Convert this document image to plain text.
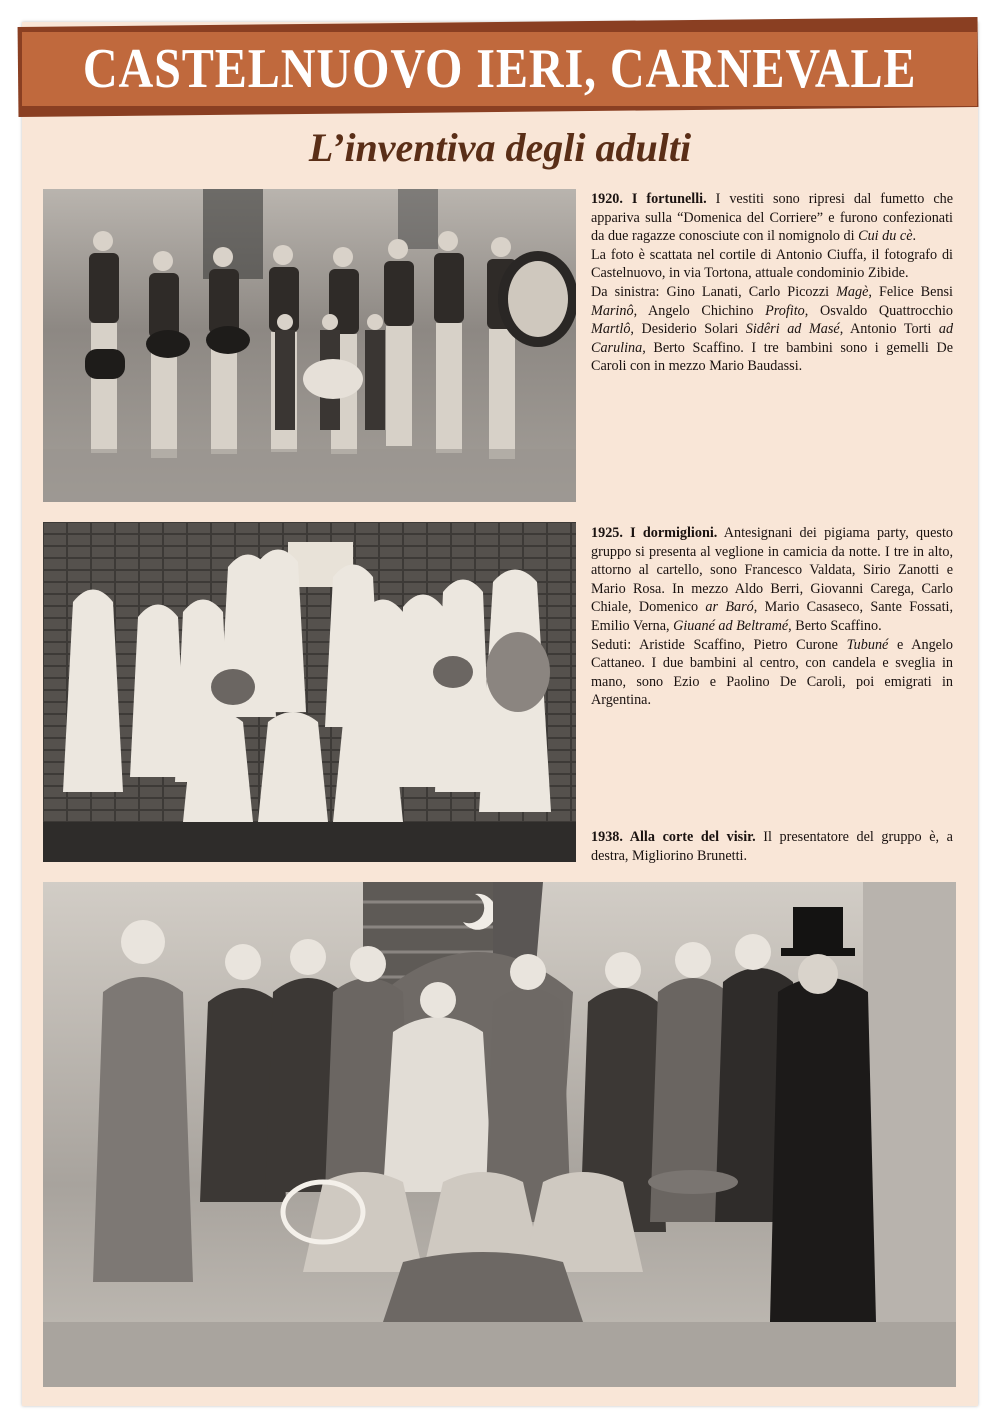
CASTELNUOVO IERI, CARNEVALE
L’inventiva degli adulti
1920. I fortunelli. I vestiti sono ripresi dal fumetto che appariva sulla “Domenica del Corriere” e furono confezionati da due ragazze conosciute con il nomignolo di Cui du cè.
La foto è scattata nel cortile di Antonio Ciuffa, il fotografo di Castelnuovo, in via Tortona, attuale condominio Zibide.
Da sinistra: Gino Lanati, Carlo Picozzi Magè, Felice Bensi Marinô, Angelo Chichino Profito, Osvaldo Quattrocchio Martlô, Desiderio Solari Sidêri ad Masé, Antonio Torti ad Carulina, Berto Scaffino. I tre bambini sono i gemelli De Caroli con in mezzo Mario Baudassi.
1925. I dormiglioni. Antesignani dei pigiama party, questo gruppo si presenta al veglione in camicia da notte. I tre in alto, attorno al cartello, sono Francesco Valdata, Sirio Zanotti e Mario Rosa. In mezzo Aldo Berri, Giovanni Carega, Carlo Chiale, Domenico ar Baró, Mario Casaseco, Sante Fossati, Emilio Verna, Giuané ad Beltramé, Berto Scaffino.
Seduti: Aristide Scaffino, Pietro Curone Tubuné e Angelo Cattaneo. I due bambini al centro, con candela e sveglia in mano, sono Ezio e Paolino De Caroli, poi emigrati in Argentina.
1938. Alla corte del visir. Il presentatore del gruppo è, a destra, Migliorino Brunetti.
